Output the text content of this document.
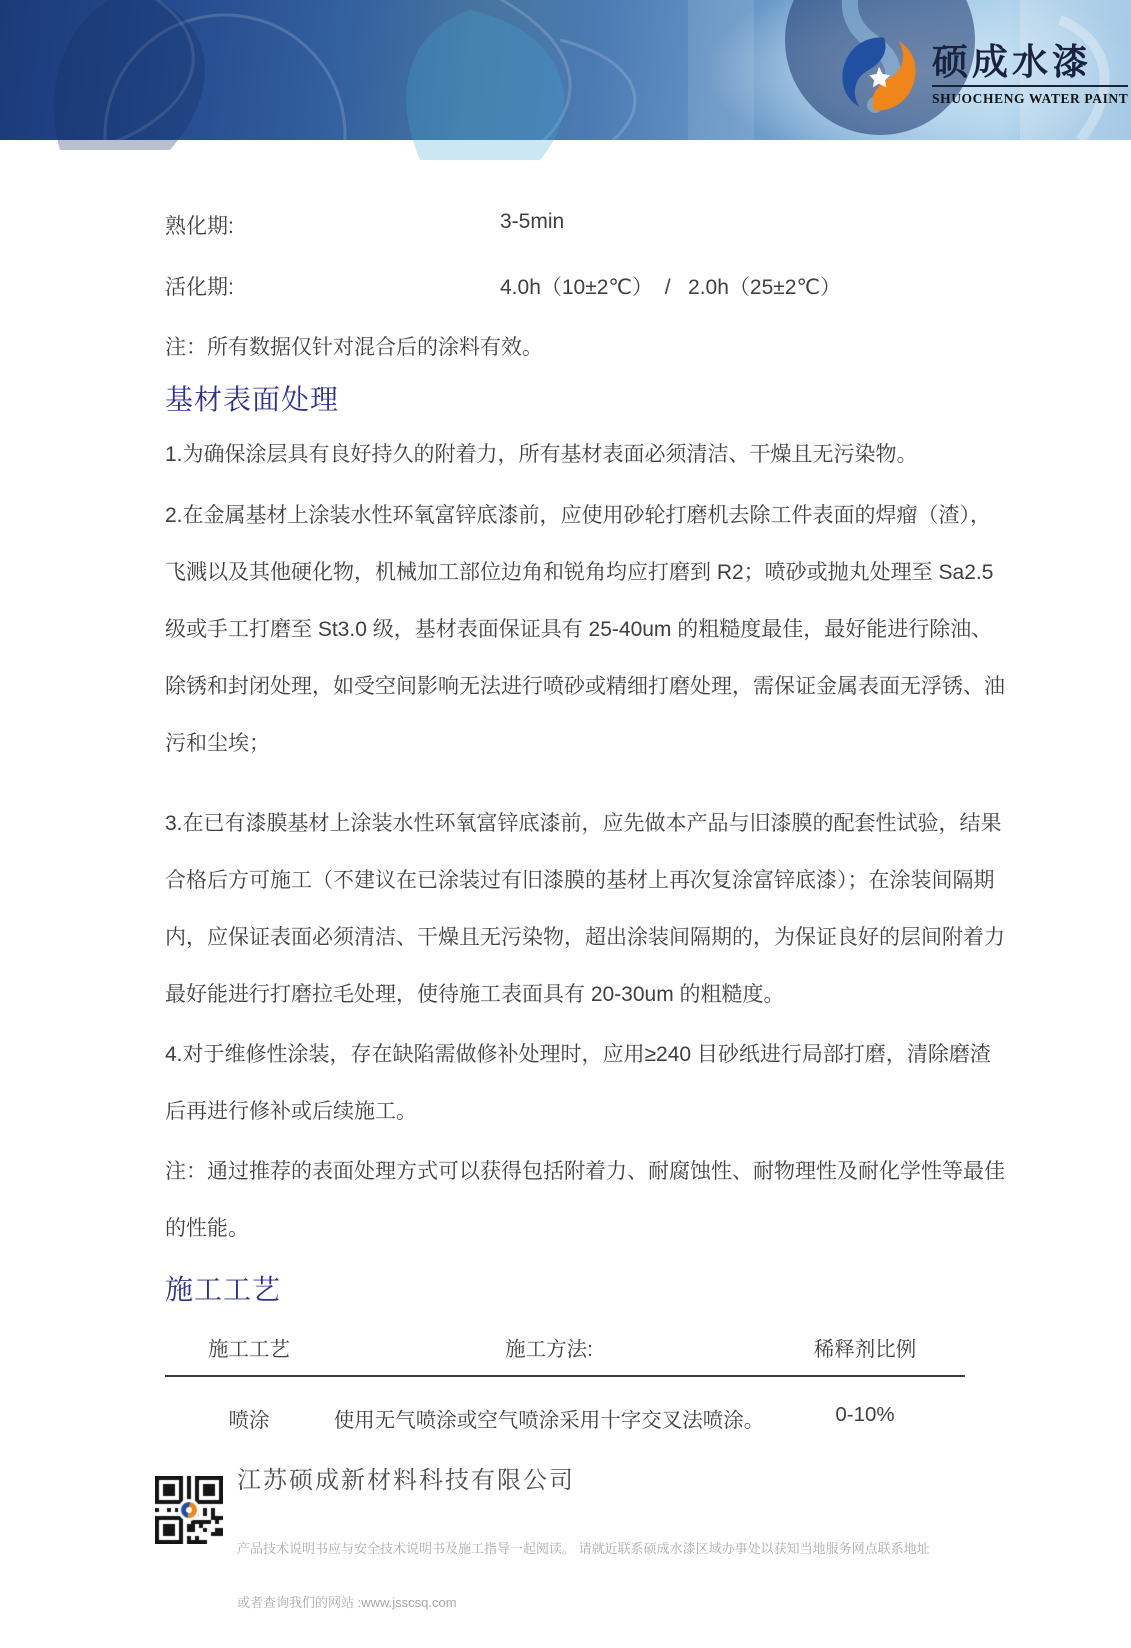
硕成水漆
SHUOCHENG WATER PAINT
熟化期:	3-5min
活化期:	4.0h（10±2℃）  /   2.0h（25±2℃）
注：所有数据仅针对混合后的涂料有效。
基材表面处理
1.为确保涂层具有良好持久的附着力，所有基材表面必须清洁、干燥且无污染物。
2.在金属基材上涂装水性环氧富锌底漆前，应使用砂轮打磨机去除工件表面的焊瘤（渣），
飞溅以及其他硬化物，机械加工部位边角和锐角均应打磨到 R2；喷砂或抛丸处理至 Sa2.5
级或手工打磨至 St3.0 级，基材表面保证具有 25-40um 的粗糙度最佳，最好能进行除油、
除锈和封闭处理，如受空间影响无法进行喷砂或精细打磨处理，需保证金属表面无浮锈、油
污和尘埃；
3.在已有漆膜基材上涂装水性环氧富锌底漆前，应先做本产品与旧漆膜的配套性试验，结果
合格后方可施工（不建议在已涂装过有旧漆膜的基材上再次复涂富锌底漆）；在涂装间隔期
内，应保证表面必须清洁、干燥且无污染物，超出涂装间隔期的，为保证良好的层间附着力
最好能进行打磨拉毛处理，使待施工表面具有 20-30um 的粗糙度。
4.对于维修性涂装，存在缺陷需做修补处理时，应用≥240 目砂纸进行局部打磨，清除磨渣
后再进行修补或后续施工。
注：通过推荐的表面处理方式可以获得包括附着力、耐腐蚀性、耐物理性及耐化学性等最佳
的性能。
施工工艺
施工工艺	施工方法:	稀释剂比例
喷涂	使用无气喷涂或空气喷涂采用十字交叉法喷涂。	0-10%
江苏硕成新材料科技有限公司

产品技术说明书应与安全技术说明书及施工指导一起阅读。 请就近联系硕成水漆区域办事处以获知当地服务网点联系地址

或者查询我们的网站 :www.jsscsq.com
